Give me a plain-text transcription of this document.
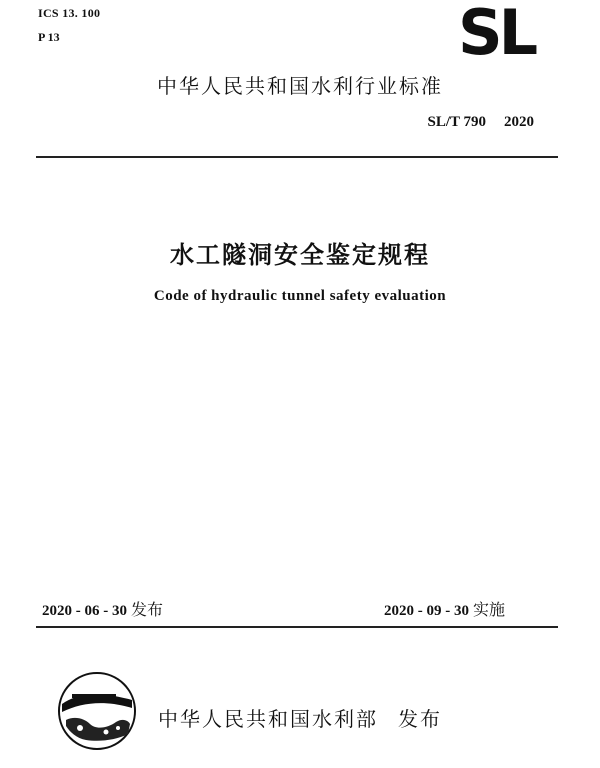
ICS 13. 100
P 13	SL
中华人民共和国水利行业标准
SL/T 790 2020
水工隧洞安全鉴定规程
Code of hydraulic tunnel safety evaluation
2020 - 06 - 30 发布	2020 - 09 - 30 实施
中华人民共和国水利部 发布
